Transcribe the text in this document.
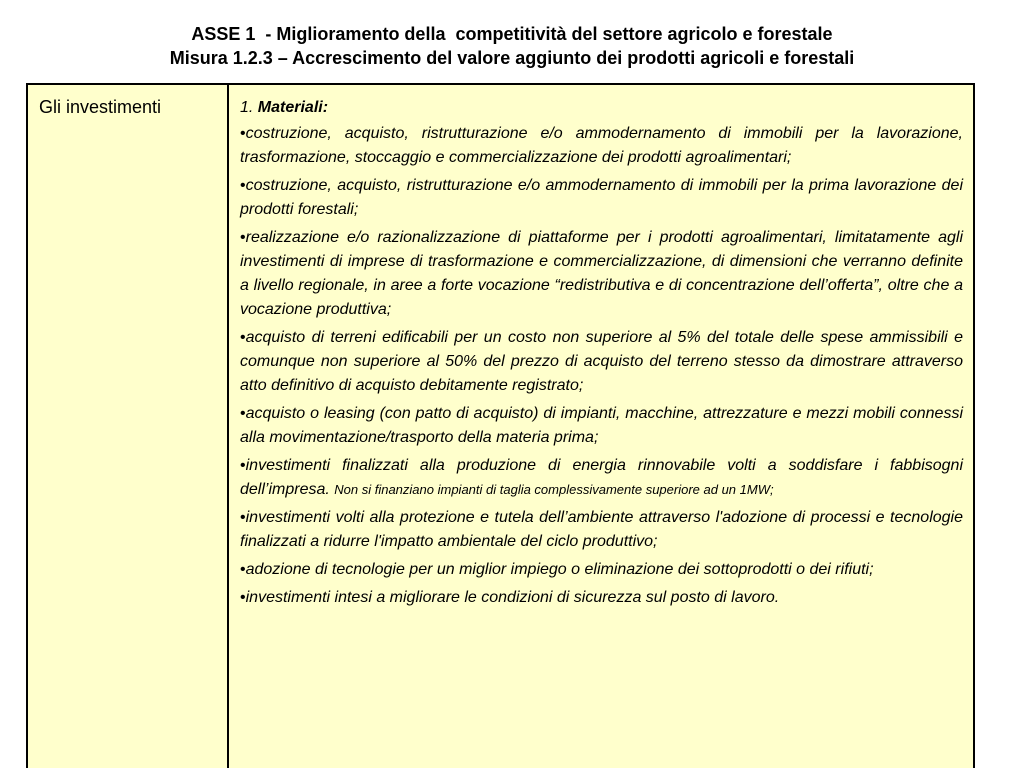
ASSE 1  - Miglioramento della  competitività del settore agricolo e forestale
Misura 1.2.3 – Accrescimento del valore aggiunto dei prodotti agricoli e forestali
Gli investimenti	1. Materiali:
•costruzione, acquisto, ristrutturazione e/o ammodernamento di immobili per la lavorazione, trasformazione, stoccaggio e commercializzazione dei prodotti agroalimentari;
•costruzione, acquisto, ristrutturazione e/o ammodernamento di immobili per la prima lavorazione dei prodotti forestali;
•realizzazione e/o razionalizzazione di piattaforme per i prodotti agroalimentari, limitatamente agli investimenti di imprese di trasformazione e commercializzazione, di dimensioni che verranno definite a livello regionale, in aree a forte vocazione “redistributiva e di concentrazione dell’offerta”, oltre che a vocazione produttiva;
•acquisto di terreni edificabili per un costo non superiore al 5% del totale delle spese ammissibili e comunque non superiore al 50% del prezzo di acquisto del terreno stesso da dimostrare attraverso atto definitivo di acquisto debitamente registrato;
•acquisto o leasing (con patto di acquisto) di impianti, macchine, attrezzature e mezzi mobili connessi alla movimentazione/trasporto della materia prima;
•investimenti finalizzati alla produzione di energia rinnovabile volti a soddisfare i fabbisogni dell’impresa. Non si finanziano impianti di taglia complessivamente superiore ad un 1MW;
•investimenti volti alla protezione e tutela dell’ambiente attraverso l'adozione di processi e tecnologie finalizzati a ridurre l'impatto ambientale del ciclo produttivo;
•adozione di tecnologie per un miglior impiego o eliminazione dei sottoprodotti o dei rifiuti;
•investimenti intesi a migliorare le condizioni di sicurezza sul posto di lavoro.
